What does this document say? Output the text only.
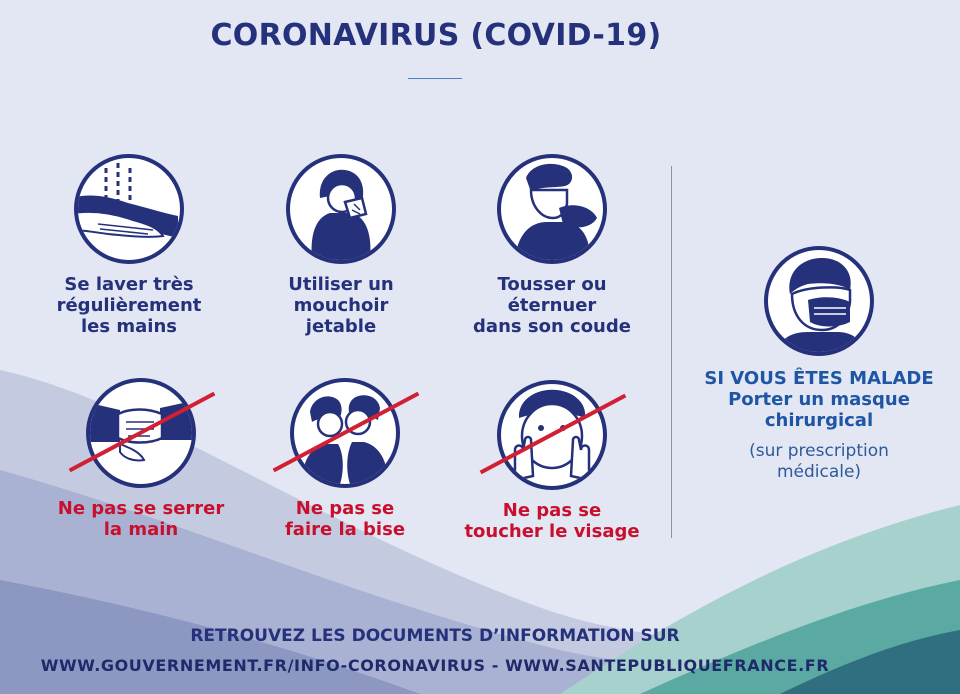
CORONAVIRUS (COVID-19)
Se laver très
régulièrement
les mains
Utiliser un
mouchoir
jetable
Tousser ou
éternuer
dans son coude
Ne pas se serrer
la main
Ne pas se
faire la bise
Ne pas se
toucher le visage
SI VOUS ÊTES MALADE
Porter un masque
chirurgical
(sur prescription
médicale)
RETROUVEZ LES DOCUMENTS D’INFORMATION SUR
WWW.GOUVERNEMENT.FR/INFO-CORONAVIRUS - WWW.SANTEPUBLIQUEFRANCE.FR
